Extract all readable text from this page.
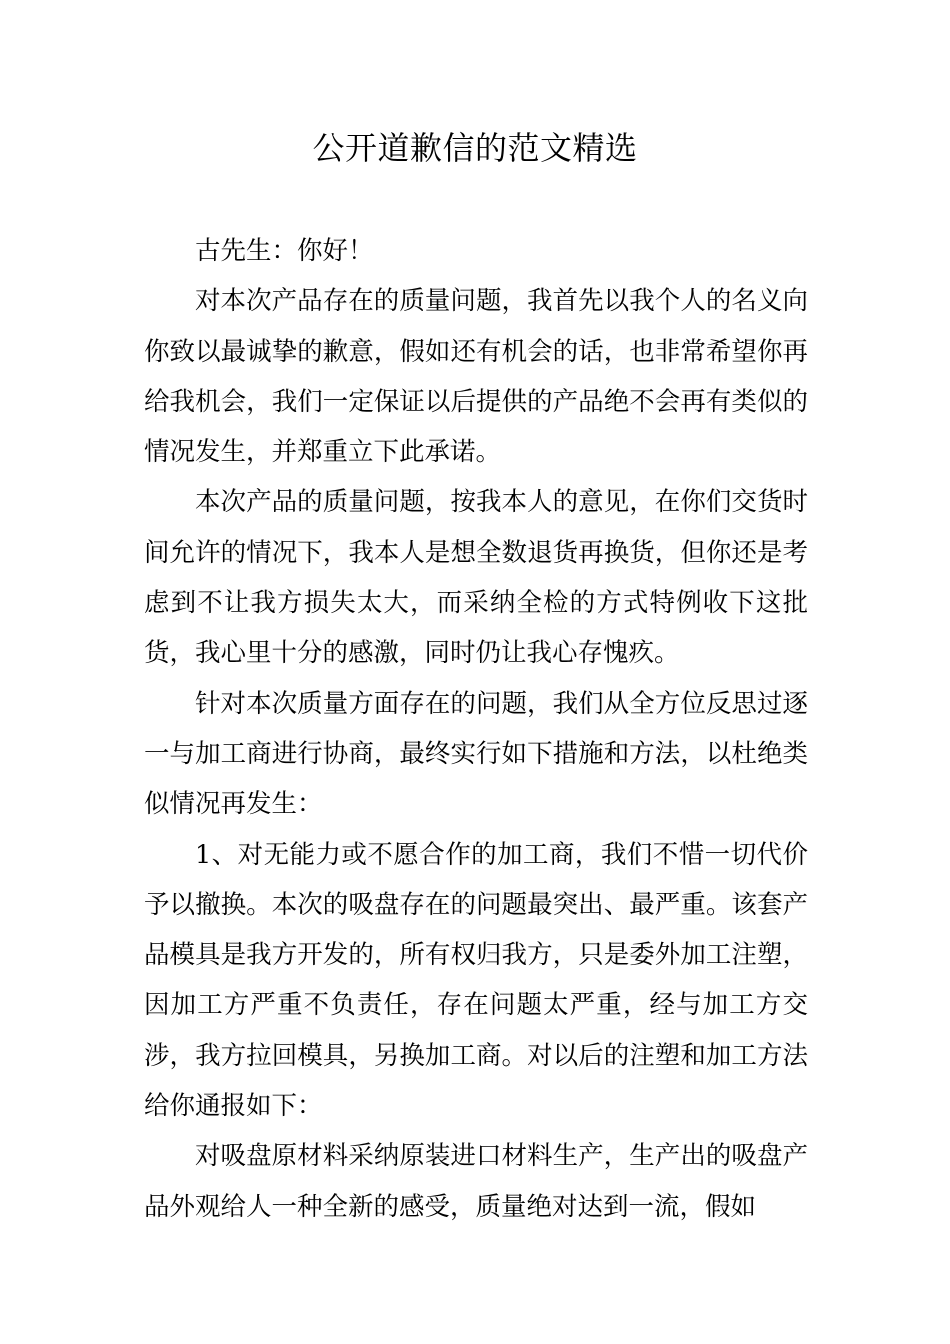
公开道歉信的范文精选

古先生：你好！

对本次产品存在的质量问题，我首先以我个人的名义向你致以最诚挚的歉意，假如还有机会的话，也非常希望你再给我机会，我们一定保证以后提供的产品绝不会再有类似的情况发生，并郑重立下此承诺。

本次产品的质量问题，按我本人的意见，在你们交货时间允许的情况下，我本人是想全数退货再换货，但你还是考虑到不让我方损失太大，而采纳全检的方式特例收下这批货，我心里十分的感激，同时仍让我心存愧疚。

针对本次质量方面存在的问题，我们从全方位反思过逐一与加工商进行协商，最终实行如下措施和方法，以杜绝类似情况再发生：

1、对无能力或不愿合作的加工商，我们不惜一切代价予以撤换。本次的吸盘存在的问题最突出、最严重。该套产品模具是我方开发的，所有权归我方，只是委外加工注塑，因加工方严重不负责任，存在问题太严重，经与加工方交涉，我方拉回模具，另换加工商。对以后的注塑和加工方法给你通报如下：

对吸盘原材料采纳原装进口材料生产，生产出的吸盘产品外观给人一种全新的感受，质量绝对达到一流，假如
